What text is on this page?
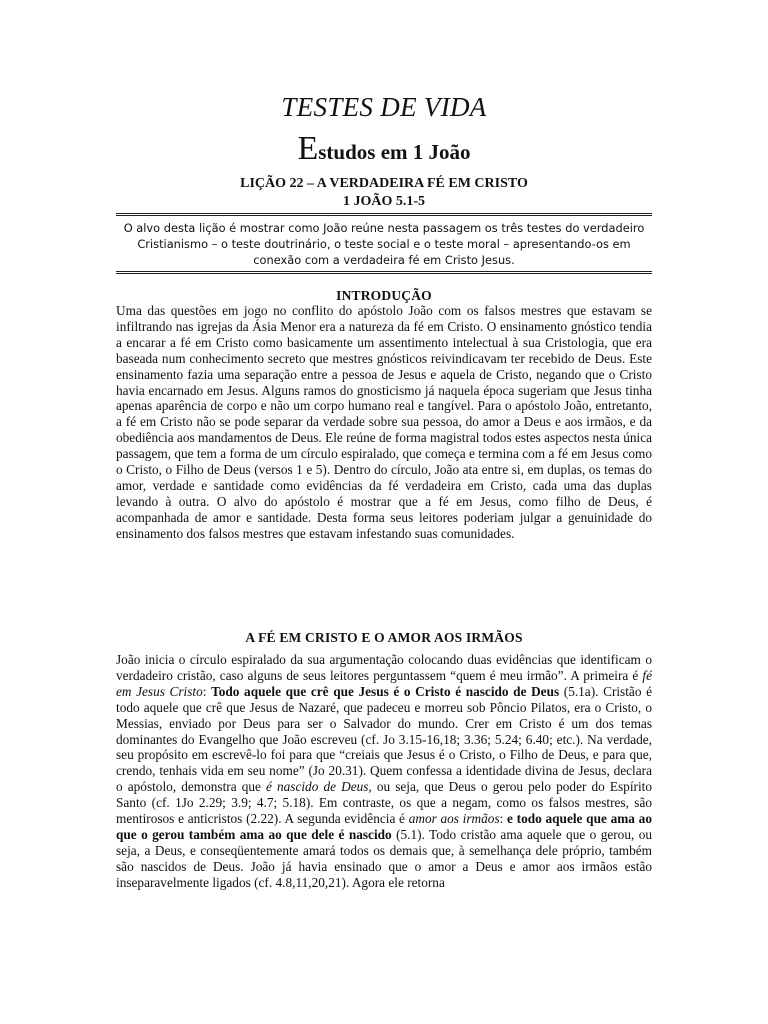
TESTES DE VIDA
Estudos em 1 João
LIÇÃO 22 – A VERDADEIRA FÉ EM CRISTO
1 JOÃO 5.1-5
O alvo desta lição é mostrar como João reúne nesta passagem os três testes do verdadeiro Cristianismo – o teste doutrinário, o teste social e o teste moral – apresentando-os em conexão com a verdadeira fé em Cristo Jesus.
INTRODUÇÃO
Uma das questões em jogo no conflito do apóstolo João com os falsos mestres que estavam se infiltrando nas igrejas da Ásia Menor era a natureza da fé em Cristo. O ensinamento gnóstico tendia a encarar a fé em Cristo como basicamente um assentimento intelectual à sua Cristologia, que era baseada num conhecimento secreto que mestres gnósticos reivindicavam ter recebido de Deus. Este ensinamento fazia uma separação entre a pessoa de Jesus e aquela de Cristo, negando que o Cristo havia encarnado em Jesus. Alguns ramos do gnosticismo já naquela época sugeriam que Jesus tinha apenas aparência de corpo e não um corpo humano real e tangível. Para o apóstolo João, entretanto, a fé em Cristo não se pode separar da verdade sobre sua pessoa, do amor a Deus e aos irmãos, e da obediência aos mandamentos de Deus. Ele reúne de forma magistral todos estes aspectos nesta única passagem, que tem a forma de um círculo espiralado, que começa e termina com a fé em Jesus como o Cristo, o Filho de Deus (versos 1 e 5). Dentro do círculo, João ata entre si, em duplas, os temas do amor, verdade e santidade como evidências da fé verdadeira em Cristo, cada uma das duplas levando à outra. O alvo do apóstolo é mostrar que a fé em Jesus, como filho de Deus, é acompanhada de amor e santidade. Desta forma seus leitores poderiam julgar a genuinidade do ensinamento dos falsos mestres que estavam infestando suas comunidades.
A FÉ EM CRISTO E O AMOR AOS IRMÃOS
João inicia o círculo espiralado da sua argumentação colocando duas evidências que identificam o verdadeiro cristão, caso alguns de seus leitores perguntassem “quem é meu irmão”. A primeira é fé em Jesus Cristo: Todo aquele que crê que Jesus é o Cristo é nascido de Deus (5.1a). Cristão é todo aquele que crê que Jesus de Nazaré, que padeceu e morreu sob Pôncio Pilatos, era o Cristo, o Messias, enviado por Deus para ser o Salvador do mundo. Crer em Cristo é um dos temas dominantes do Evangelho que João escreveu (cf. Jo 3.15-16,18; 3.36; 5.24; 6.40; etc.). Na verdade, seu propósito em escrevê-lo foi para que “creiais que Jesus é o Cristo, o Filho de Deus, e para que, crendo, tenhais vida em seu nome” (Jo 20.31). Quem confessa a identidade divina de Jesus, declara o apóstolo, demonstra que é nascido de Deus, ou seja, que Deus o gerou pelo poder do Espírito Santo (cf. 1Jo 2.29; 3.9; 4.7; 5.18). Em contraste, os que a negam, como os falsos mestres, são mentirosos e anticristos (2.22). A segunda evidência é amor aos irmãos: e todo aquele que ama ao que o gerou também ama ao que dele é nascido (5.1). Todo cristão ama aquele que o gerou, ou seja, a Deus, e conseqüentemente amará todos os demais que, à semelhança dele próprio, também são nascidos de Deus. João já havia ensinado que o amor a Deus e amor aos irmãos estão inseparavelmente ligados (cf. 4.8,11,20,21). Agora ele retorna
